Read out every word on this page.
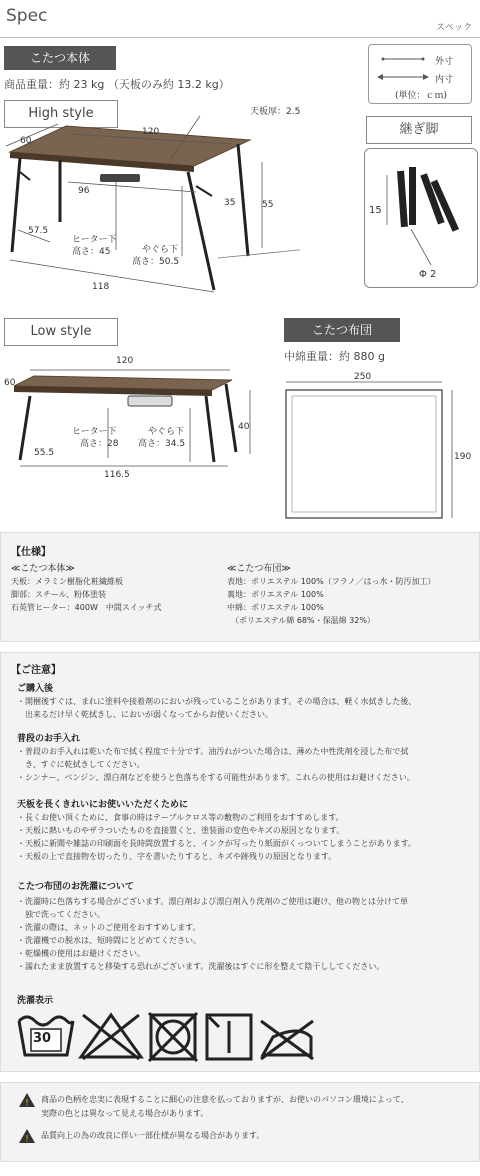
Spec
スペック
こたつ本体
商品重量：約 23 kg （天板のみ約 13.2 kg）
外寸
内寸
(単位：ｃｍ)
High style	天板厚：2.5
120
60
96
35	55
57.5
ヒーター下
高さ：45	やぐら下
高さ：50.5
118
継ぎ脚
15
Φ 2
Low style
120
60
40
55.5
ヒーター下
高さ：28
やぐら下
高さ：34.5
116.5
こたつ布団
中綿重量：約 880 g
250
190
【仕様】
≪こたつ本体≫
天板：メラミン樹脂化粧繊維板
脚部：スチール、粉体塗装
石英管ヒーター：400W　中間スイッチ式
≪こたつ布団≫
表地：ポリエステル 100%（フラノ／はっ水・防汚加工）
裏地：ポリエステル 100%
中綿：ポリエステル 100%
　（ポリエステル綿 68%・保温綿 32%）
【ご注意】
ご購入後
・開梱後すぐは、まれに塗料や接着剤のにおいが残っていることがあります。その場合は、軽く水拭きした後、
　出来るだけ早く乾拭きし、においが弱くなってからお使いください。
普段のお手入れ
・普段のお手入れは乾いた布で拭く程度で十分です。油汚れがついた場合は、薄めた中性洗剤を浸した布で拭
　き、すぐに乾拭きしてください。
・シンナー、ベンジン、漂白剤などを使うと色落ちをする可能性があります。これらの使用はお避けください。
天板を長くきれいにお使いいただくために
・長くお使い頂くために、食事の時はテーブルクロス等の敷物のご利用をおすすめします。
・天板に熱いものやザラついたものを直接置くと、塗装面の変色やキズの原因となります。
・天板に新聞や雑誌の印刷面を長時間放置すると、インクが写ったり紙面がくっついてしまうことがあります。
・天板の上で直接物を切ったり、字を書いたりすると、キズや跡残りの原因となります。
こたつ布団のお洗濯について
・洗濯時に色落ちする場合がございます。漂白剤および漂白剤入り洗剤のご使用は避け、他の物とは分けて単
　独で洗ってください。
・洗濯の際は、ネットのご使用をおすすめします。
・洗濯機での脱水は、短時間にとどめてください。
・乾燥機の使用はお避けください。
・濡れたまま放置すると移染する恐れがございます。洗濯後はすぐに形を整えて陰干ししてください。
洗濯表示
30
! 商品の色柄を忠実に表現することに細心の注意を払っておりますが、お使いのパソコン環境によって、
実際の色とは異なって見える場合があります。
! 品質向上の為の改良に伴い一部仕様が異なる場合があります。
